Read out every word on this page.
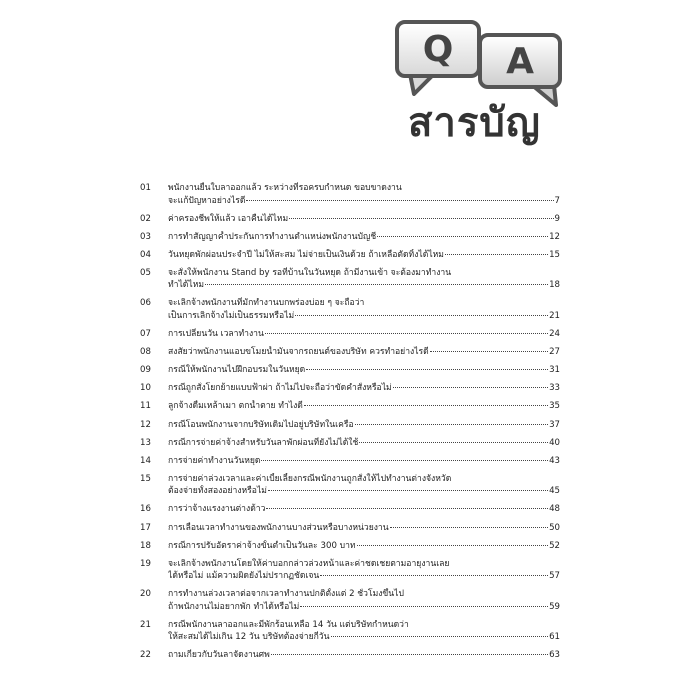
Q A
สารบัญ
01	พนักงานยื่นใบลาออกแล้ว ระหว่างที่รอครบกำหนด ขอบขาดงาน
จะแก้ปัญหาอย่างไรดี	7
02	ค่าครองชีพให้แล้ว เอาคืนได้ไหม	9
03	การทำสัญญาค้ำประกันการทำงานตำแหน่งพนักงานบัญชี	12
04	วันหยุดพักผ่อนประจำปี ไม่ให้สะสม ไม่จ่ายเป็นเงินด้วย ถ้าเหลือตัดทิ้งได้ไหม	15
05	จะสั่งให้พนักงาน Stand by รอที่บ้านในวันหยุด ถ้ามีงานเข้า จะต้องมาทำงาน
ทำได้ไหม	18
06	จะเลิกจ้างพนักงานที่มักทำงานบกพร่องบ่อย ๆ จะถือว่า
เป็นการเลิกจ้างไม่เป็นธรรมหรือไม่	21
07	การเปลี่ยนวัน เวลาทำงาน	24
08	สงสัยว่าพนักงานแอบขโมยน้ำมันจากรถยนต์ของบริษัท ควรทำอย่างไรดี	27
09	กรณีให้พนักงานไปฝึกอบรมในวันหยุด	31
10	กรณีถูกสั่งโยกย้ายแบบฟ้าผ่า ถ้าไม่ไปจะถือว่าขัดคำสั่งหรือไม่	33
11	ลูกจ้างดื่มเหล้าเมา ตกน้ำตาย ทำไงดี	35
12	กรณีโอนพนักงานจากบริษัทเดิมไปอยู่บริษัทในเครือ	37
13	กรณีการจ่ายค่าจ้างสำหรับวันลาพักผ่อนที่ยังไม่ได้ใช้	40
14	การจ่ายค่าทำงานวันหยุด	43
15	การจ่ายค่าล่วงเวลาและค่าเบี้ยเลี้ยงกรณีพนักงานถูกสั่งให้ไปทำงานต่างจังหวัด
ต้องจ่ายทั้งสองอย่างหรือไม่	45
16	การว่าจ้างแรงงานต่างด้าว	48
17	การเลื่อนเวลาทำงานของพนักงานบางส่วนหรือบางหน่วยงาน	50
18	กรณีการปรับอัตราค่าจ้างขั้นต่ำเป็นวันละ 300 บาท	52
19	จะเลิกจ้างพนักงานโดยให้ค่าบอกกล่าวล่วงหน้าและค่าชดเชยตามอายุงานเลย
ได้หรือไม่ แม้ความผิดยังไม่ปรากฏชัดเจน	57
20	การทำงานล่วงเวลาต่อจากเวลาทำงานปกติตั้งแต่ 2 ชั่วโมงขึ้นไป
ถ้าพนักงานไม่อยากพัก ทำได้หรือไม่	59
21	กรณีพนักงานลาออกและมีพักร้อนเหลือ 14 วัน แต่บริษัทกำหนดว่า
ให้สะสมได้ไม่เกิน 12 วัน บริษัทต้องจ่ายกี่วัน	61
22	ถามเกี่ยวกับวันลาจัดงานศพ	63
